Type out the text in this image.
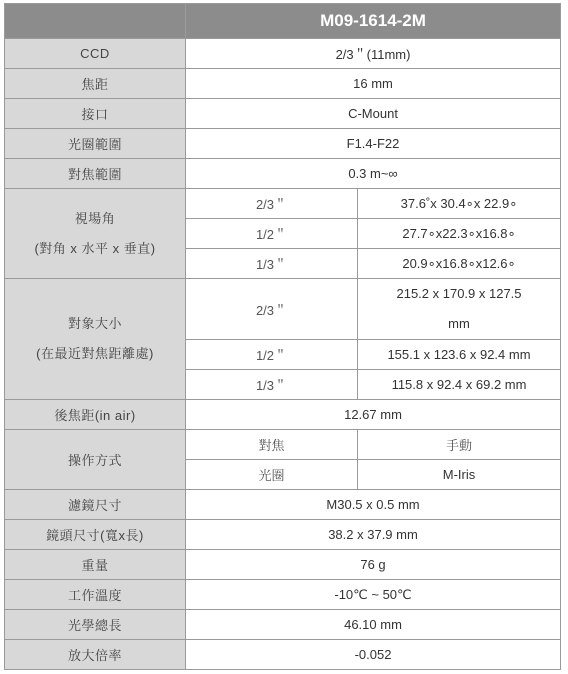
	M09-1614-2M	
CCD	2/3＂(11mm)	
焦距	16 mm	
接口	C-Mount	
光圈範圍	F1.4-F22	
對焦範圍	0.3 m~∞	

視場角
(對角 x 水平 x 垂直)	2/3＂	37.6˚x 30.4∘x 22.9∘
	1/2＂	27.7∘x22.3∘x16.8∘
	1/3＂	20.9∘x16.8∘x12.6∘

對象大小
(在最近對焦距離處)	2/3＂	215.2 x 170.9 x 127.5
mm

	1/2＂	155.1 x 123.6 x 92.4 mm
	1/3＂	115.8 x 92.4 x 69.2 mm
後焦距(in air)	12.67 mm	
操作方式	對焦	手動
	光圈	M-Iris
濾鏡尺寸	M30.5 x 0.5 mm	
鏡頭尺寸(寬x長)	38.2 x 37.9 mm	
重量	76 g	
工作溫度	-10℃ ~ 50℃	
光學總長	46.10 mm	
放大倍率	-0.052	
